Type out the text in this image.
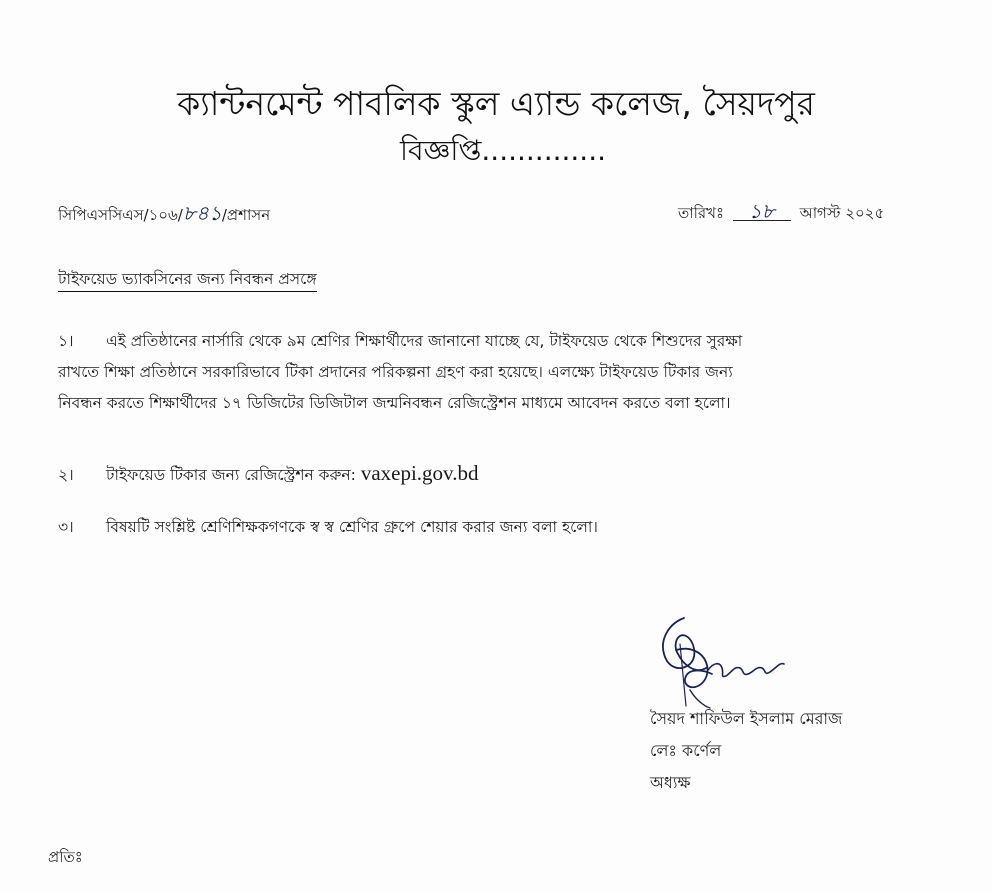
ক্যান্টনমেন্ট পাবলিক স্কুল এ্যান্ড কলেজ, সৈয়দপুর
বিজ্ঞপ্তি..............
সিপিএসসিএস/১০৬/৮৪১/প্রশাসন	তারিখঃ ১৮ আগস্ট ২০২৫
টাইফয়েড ভ্যাকসিনের জন্য নিবন্ধন প্রসঙ্গে
১। এই প্রতিষ্ঠানের নার্সারি থেকে ৯ম শ্রেণির শিক্ষার্থীদের জানানো যাচ্ছে যে, টাইফয়েড থেকে শিশুদের সুরক্ষা
রাখতে শিক্ষা প্রতিষ্ঠানে সরকারিভাবে টিকা প্রদানের পরিকল্পনা গ্রহণ করা হয়েছে। এলক্ষ্যে টাইফয়েড টিকার জন্য
নিবন্ধন করতে শিক্ষার্থীদের ১৭ ডিজিটের ডিজিটাল জন্মনিবন্ধন রেজিস্ট্রেশন মাধ্যমে আবেদন করতে বলা হলো।
২। টাইফয়েড টিকার জন্য রেজিস্ট্রেশন করুন: vaxepi.gov.bd
৩। বিষয়টি সংশ্লিষ্ট শ্রেণিশিক্ষকগণকে স্ব স্ব শ্রেণির গ্রুপে শেয়ার করার জন্য বলা হলো।
সৈয়দ শাফিউল ইসলাম মেরাজ
লেঃ কর্ণেল
অধ্যক্ষ
প্রতিঃ
